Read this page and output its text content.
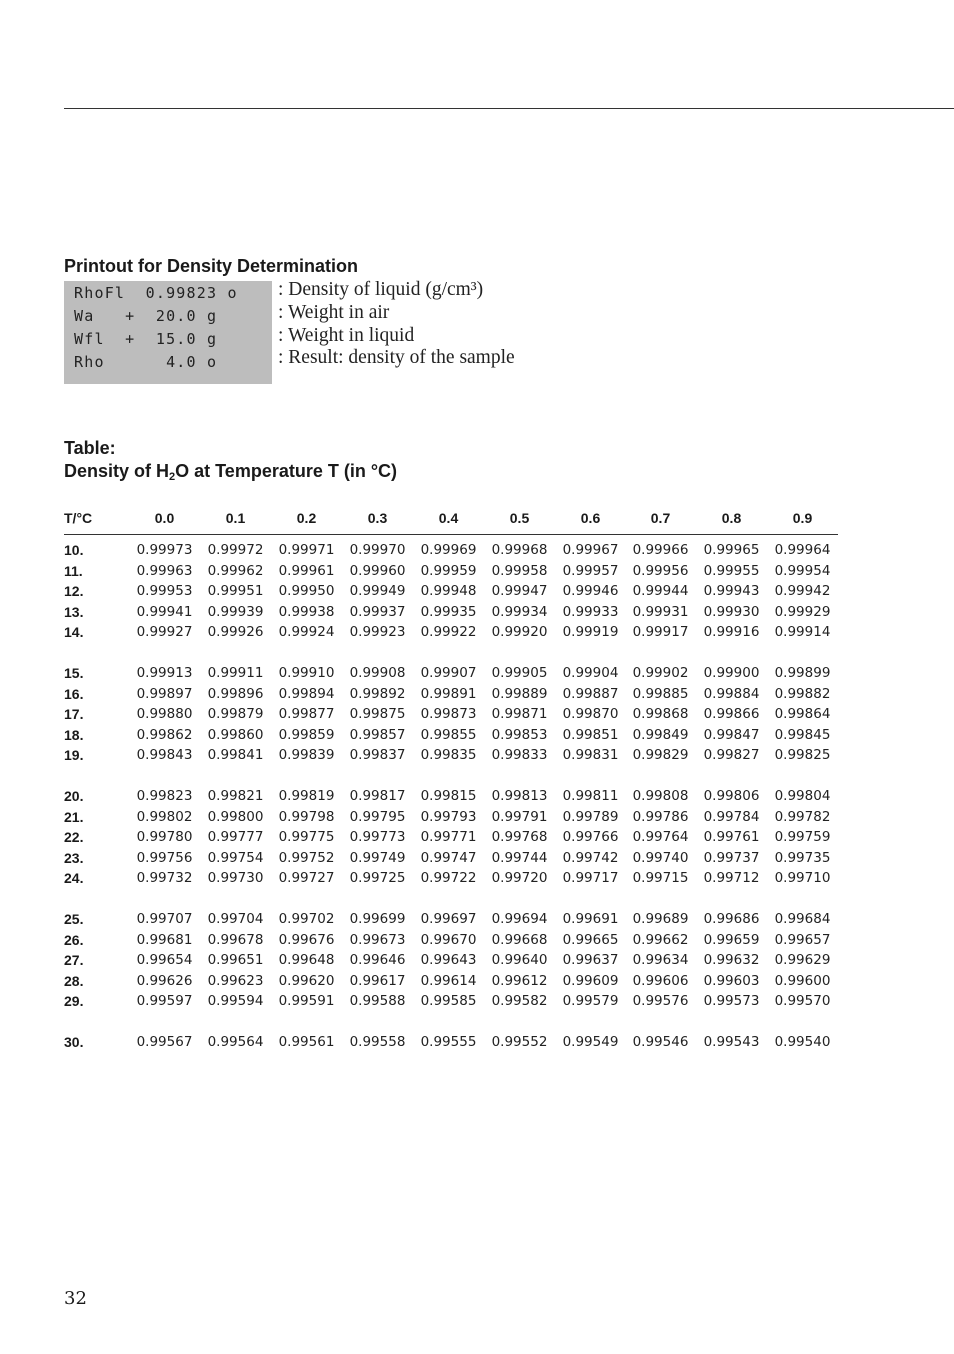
Printout for Density Determination
RhoFl  0.99823 o
Wa   +  20.0 g
Wfl  +  15.0 g
Rho      4.0 o
: Density of liquid (g/cm³)
: Weight in air
: Weight in liquid
: Result: density of the sample
Table:
Density of $H_2O$ at Temperature T (in °C)
T/°C	0.0	0.1	0.2	0.3	0.4	0.5	0.6	0.7	0.8	0.9
10.	0.99973	0.99972	0.99971	0.99970	0.99969	0.99968	0.99967	0.99966	0.99965	0.99964
11.	0.99963	0.99962	0.99961	0.99960	0.99959	0.99958	0.99957	0.99956	0.99955	0.99954
12.	0.99953	0.99951	0.99950	0.99949	0.99948	0.99947	0.99946	0.99944	0.99943	0.99942
13.	0.99941	0.99939	0.99938	0.99937	0.99935	0.99934	0.99933	0.99931	0.99930	0.99929
14.	0.99927	0.99926	0.99924	0.99923	0.99922	0.99920	0.99919	0.99917	0.99916	0.99914
15.	0.99913	0.99911	0.99910	0.99908	0.99907	0.99905	0.99904	0.99902	0.99900	0.99899
16.	0.99897	0.99896	0.99894	0.99892	0.99891	0.99889	0.99887	0.99885	0.99884	0.99882
17.	0.99880	0.99879	0.99877	0.99875	0.99873	0.99871	0.99870	0.99868	0.99866	0.99864
18.	0.99862	0.99860	0.99859	0.99857	0.99855	0.99853	0.99851	0.99849	0.99847	0.99845
19.	0.99843	0.99841	0.99839	0.99837	0.99835	0.99833	0.99831	0.99829	0.99827	0.99825
20.	0.99823	0.99821	0.99819	0.99817	0.99815	0.99813	0.99811	0.99808	0.99806	0.99804
21.	0.99802	0.99800	0.99798	0.99795	0.99793	0.99791	0.99789	0.99786	0.99784	0.99782
22.	0.99780	0.99777	0.99775	0.99773	0.99771	0.99768	0.99766	0.99764	0.99761	0.99759
23.	0.99756	0.99754	0.99752	0.99749	0.99747	0.99744	0.99742	0.99740	0.99737	0.99735
24.	0.99732	0.99730	0.99727	0.99725	0.99722	0.99720	0.99717	0.99715	0.99712	0.99710
25.	0.99707	0.99704	0.99702	0.99699	0.99697	0.99694	0.99691	0.99689	0.99686	0.99684
26.	0.99681	0.99678	0.99676	0.99673	0.99670	0.99668	0.99665	0.99662	0.99659	0.99657
27.	0.99654	0.99651	0.99648	0.99646	0.99643	0.99640	0.99637	0.99634	0.99632	0.99629
28.	0.99626	0.99623	0.99620	0.99617	0.99614	0.99612	0.99609	0.99606	0.99603	0.99600
29.	0.99597	0.99594	0.99591	0.99588	0.99585	0.99582	0.99579	0.99576	0.99573	0.99570
30.	0.99567	0.99564	0.99561	0.99558	0.99555	0.99552	0.99549	0.99546	0.99543	0.99540
32
